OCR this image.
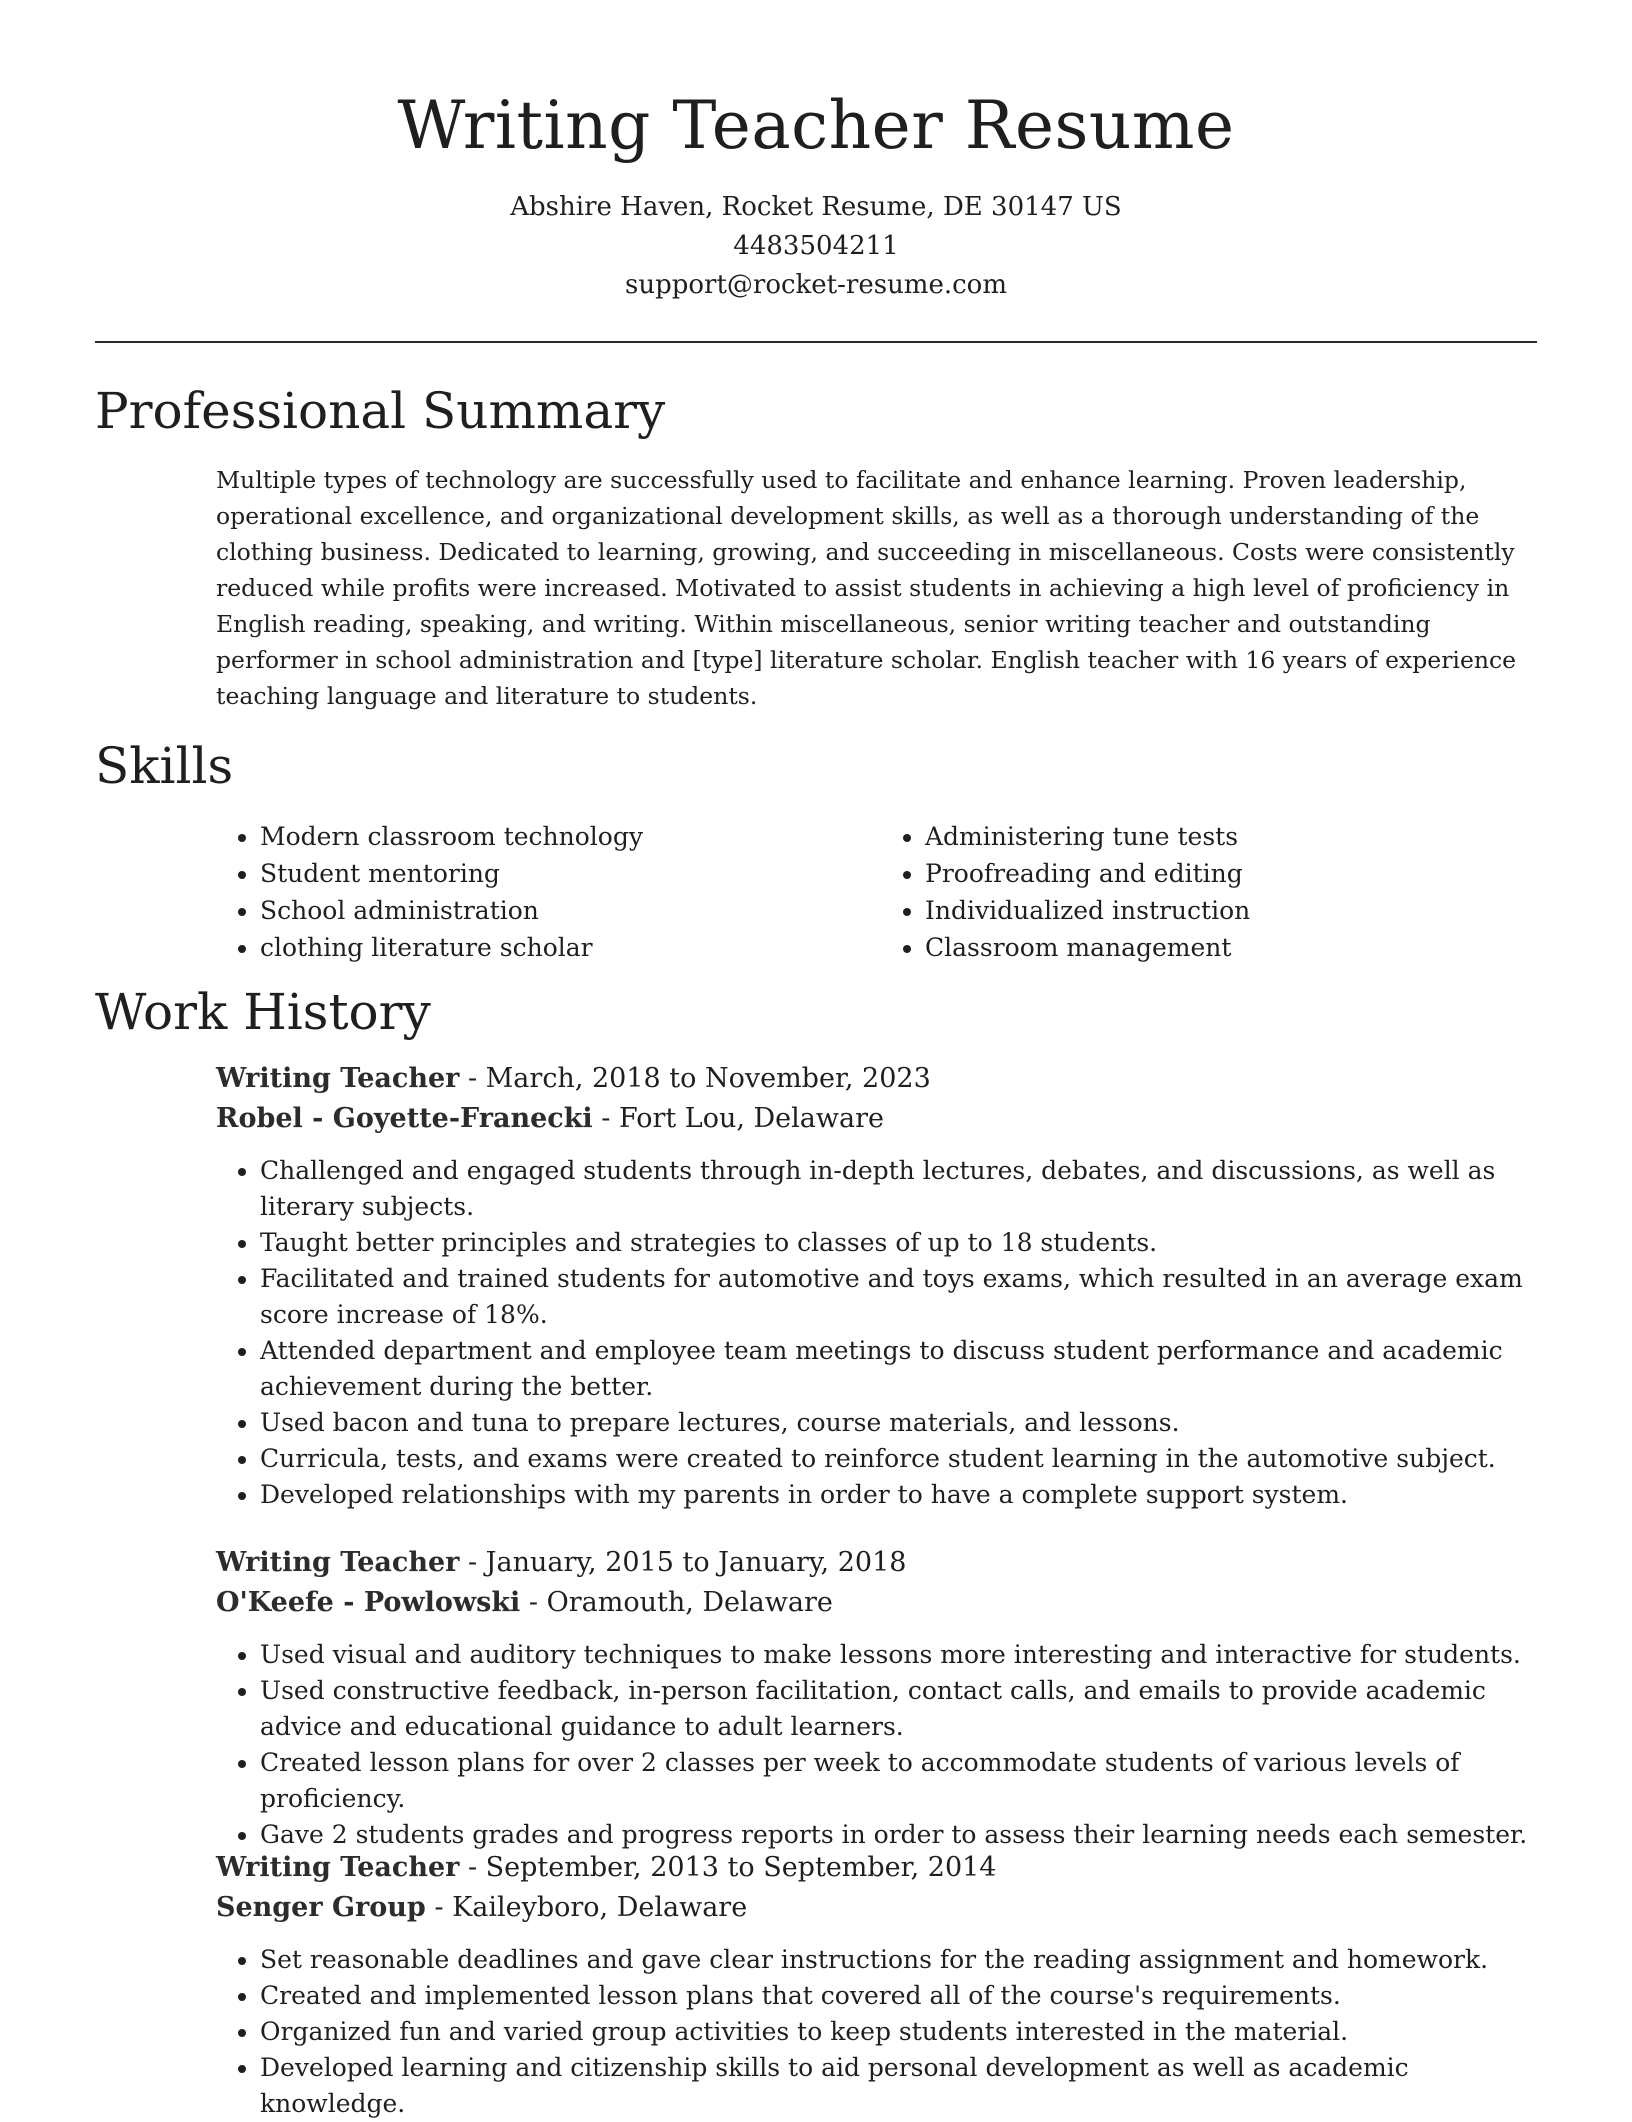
Writing Teacher Resume

Abshire Haven, Rocket Resume, DE 30147 US

4483504211

support@rocket-resume.com

Professional Summary

Multiple types of technology are successfully used to facilitate and enhance learning. Proven leadership, operational excellence, and organizational development skills, as well as a thorough understanding of the clothing business. Dedicated to learning, growing, and succeeding in miscellaneous. Costs were consistently reduced while profits were increased. Motivated to assist students in achieving a high level of proficiency in English reading, speaking, and writing. Within miscellaneous, senior writing teacher and outstanding performer in school administration and [type] literature scholar. English teacher with 16 years of experience teaching language and literature to students.

Skills
• Modern classroom technology
• Student mentoring
• School administration
• clothing literature scholar
• Administering tune tests
• Proofreading and editing
• Individualized instruction
• Classroom management
Work History

Writing Teacher - March, 2018 to November, 2023

Robel - Goyette-Franecki - Fort Lou, Delaware

• Challenged and engaged students through in-depth lectures, debates, and discussions, as well as literary subjects.
• Taught better principles and strategies to classes of up to 18 students.
• Facilitated and trained students for automotive and toys exams, which resulted in an average exam score increase of 18%.
• Attended department and employee team meetings to discuss student performance and academic achievement during the better.
• Used bacon and tuna to prepare lectures, course materials, and lessons.
• Curricula, tests, and exams were created to reinforce student learning in the automotive subject.
• Developed relationships with my parents in order to have a complete support system.

Writing Teacher - January, 2015 to January, 2018

O'Keefe - Powlowski - Oramouth, Delaware

• Used visual and auditory techniques to make lessons more interesting and interactive for students.
• Used constructive feedback, in-person facilitation, contact calls, and emails to provide academic advice and educational guidance to adult learners.
• Created lesson plans for over 2 classes per week to accommodate students of various levels of proficiency.
• Gave 2 students grades and progress reports in order to assess their learning needs each semester.

Writing Teacher - September, 2013 to September, 2014

Senger Group - Kaileyboro, Delaware

• Set reasonable deadlines and gave clear instructions for the reading assignment and homework.
• Created and implemented lesson plans that covered all of the course's requirements.
• Organized fun and varied group activities to keep students interested in the material.
• Developed learning and citizenship skills to aid personal development as well as academic knowledge.
